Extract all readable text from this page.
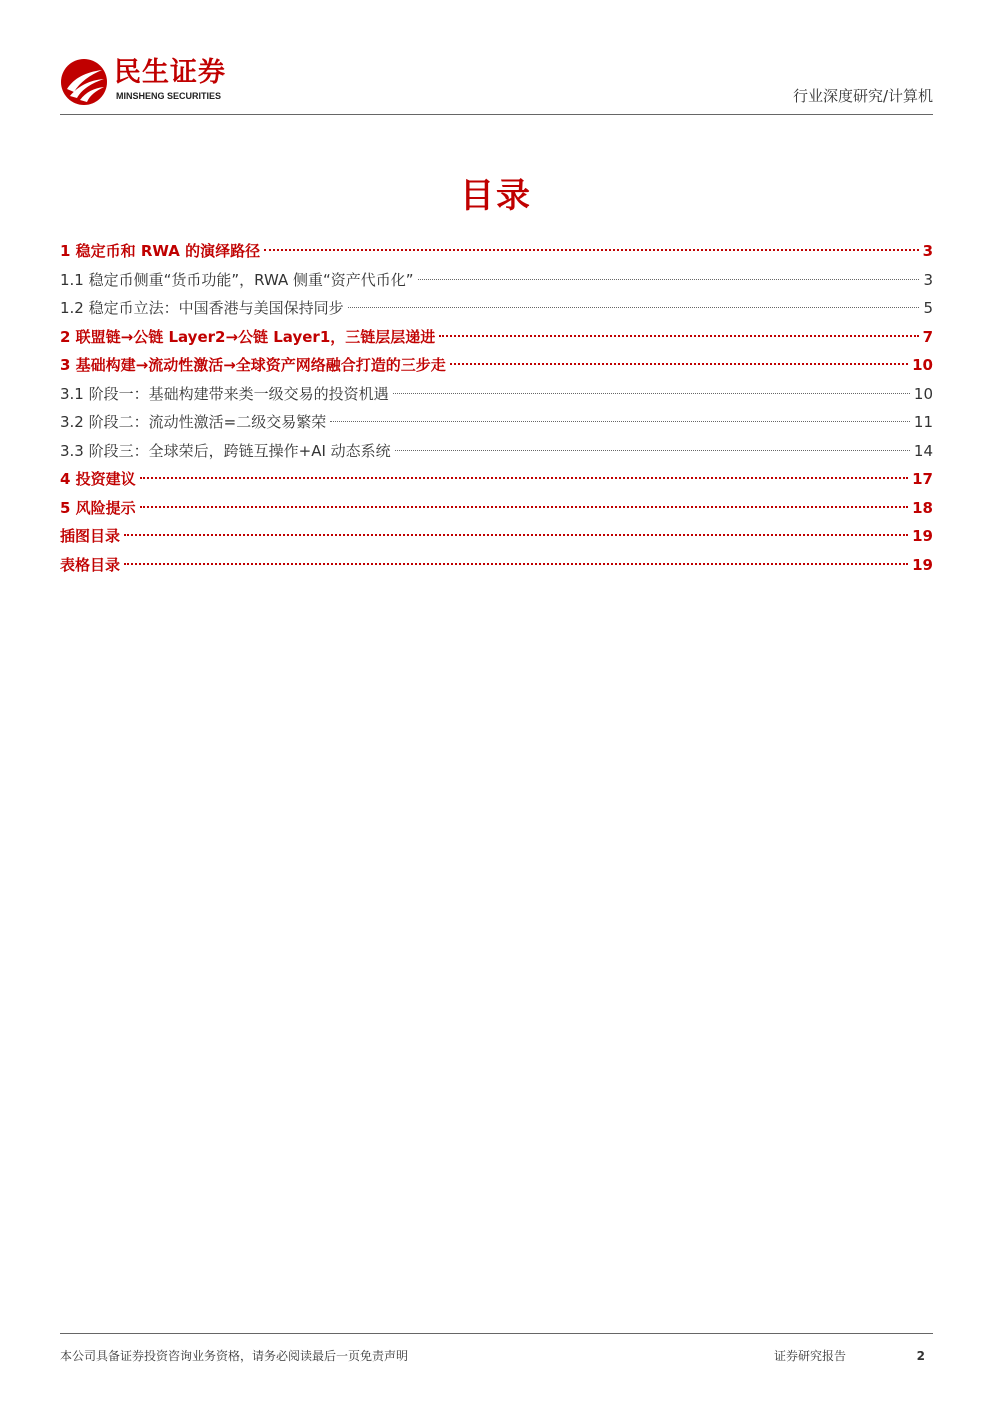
民生证券
MINSHENG SECURITIES	行业深度研究/计算机
目录
1 稳定币和 RWA 的演绎路径	3
1.1 稳定币侧重“货币功能”，RWA 侧重“资产代币化”	3
1.2 稳定币立法：中国香港与美国保持同步	5
2 联盟链→公链 Layer2→公链 Layer1，三链层层递进	7
3 基础构建→流动性激活→全球资产网络融合打造的三步走	10
3.1 阶段一：基础构建带来类一级交易的投资机遇	10
3.2 阶段二：流动性激活=二级交易繁荣	11
3.3 阶段三：全球荣后，跨链互操作+AI 动态系统	14
4 投资建议	17
5 风险提示	18
插图目录	19
表格目录	19
本公司具备证券投资咨询业务资格，请务必阅读最后一页免责声明	证券研究报告	2
